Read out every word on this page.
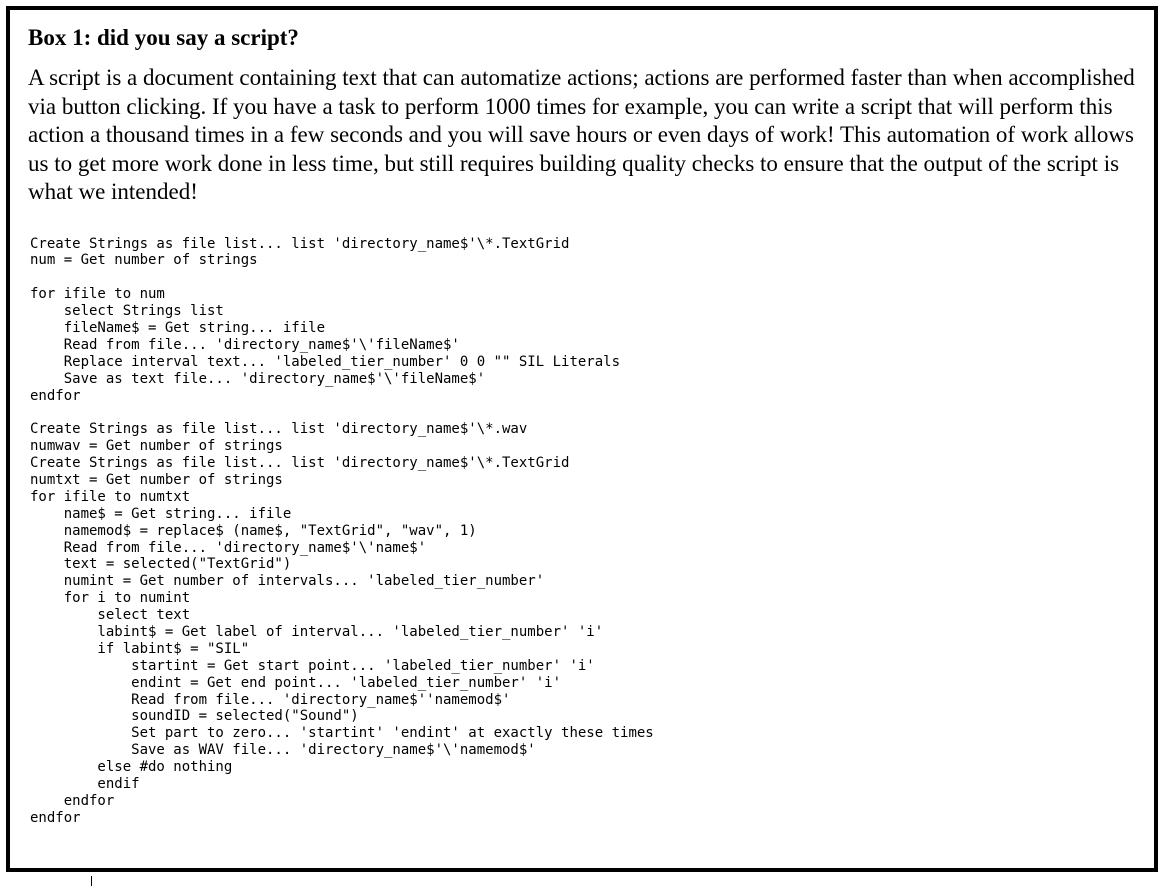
Box 1: did you say a script?

A script is a document containing text that can automatize actions; actions are performed faster than when accomplished via button clicking. If you have a task to perform 1000 times for example, you can write a script that will perform this action a thousand times in a few seconds and you will save hours or even days of work! This automation of work allows us to get more work done in less time, but still requires building quality checks to ensure that the output of the script is what we intended!

Create Strings as file list... list 'directory_name$'\*.TextGrid
num = Get number of strings
for ifile to num
select Strings list
fileName$ = Get string... ifile
Read from file... 'directory_name$'\'fileName$'
Replace interval text... 'labeled_tier_number' 0 0 "" SIL Literals
Save as text file... 'directory_name$'\'fileName$'
endfor
Create Strings as file list... list 'directory_name$'\*.wav
numwav = Get number of strings
Create Strings as file list... list 'directory_name$'\*.TextGrid
numtxt = Get number of strings
for ifile to numtxt
name$ = Get string... ifile
namemod$ = replace$ (name$, "TextGrid", "wav", 1)
Read from file... 'directory_name$'\'name$'
text = selected("TextGrid")
numint = Get number of intervals... 'labeled_tier_number'
for i to numint
select text
labint$ = Get label of interval... 'labeled_tier_number' 'i'
if labint$ = "SIL"
startint = Get start point... 'labeled_tier_number' 'i'
endint = Get end point... 'labeled_tier_number' 'i'
Read from file... 'directory_name$''namemod$'
soundID = selected("Sound")
Set part to zero... 'startint' 'endint' at exactly these times
Save as WAV file... 'directory_name$'\'namemod$'
else #do nothing
endif
endfor
endfor
